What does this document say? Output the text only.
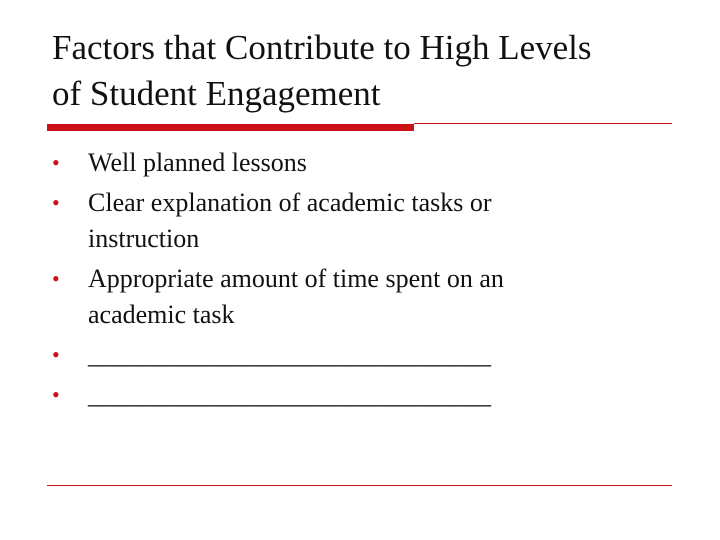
Factors that Contribute to High Levels
of Student Engagement
•	Well planned lessons
•	Clear explanation of academic tasks or
instruction
•	Appropriate amount of time spent on an
academic task
•	_______________________________
•	_______________________________
